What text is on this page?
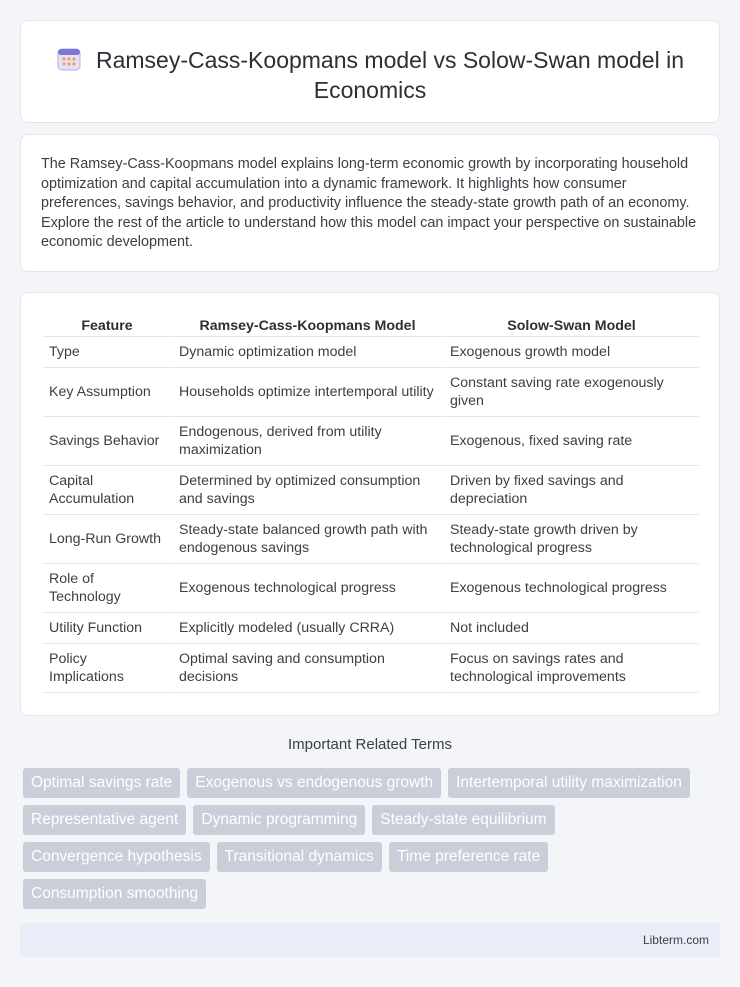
Ramsey-Cass-Koopmans model vs Solow-Swan model in Economics

The Ramsey-Cass-Koopmans model explains long-term economic growth by incorporating household optimization and capital accumulation into a dynamic framework. It highlights how consumer preferences, savings behavior, and productivity influence the steady-state growth path of an economy. Explore the rest of the article to understand how this model can impact your perspective on sustainable economic development.

Feature	Ramsey-Cass-Koopmans Model	Solow-Swan Model
Type	Dynamic optimization model	Exogenous growth model
Key Assumption	Households optimize intertemporal utility	Constant saving rate exogenously given
Savings Behavior	Endogenous, derived from utility maximization	Exogenous, fixed saving rate
Capital Accumulation	Determined by optimized consumption and savings	Driven by fixed savings and depreciation
Long-Run Growth	Steady-state balanced growth path with endogenous savings	Steady-state growth driven by technological progress
Role of Technology	Exogenous technological progress	Exogenous technological progress
Utility Function	Explicitly modeled (usually CRRA)	Not included
Policy Implications	Optimal saving and consumption decisions	Focus on savings rates and technological improvements
Important Related Terms
Optimal savings rate	Exogenous vs endogenous growth	Intertemporal utility maximization
Representative agent	Dynamic programming	Steady-state equilibrium
Convergence hypothesis	Transitional dynamics	Time preference rate
Consumption smoothing
Libterm.com
